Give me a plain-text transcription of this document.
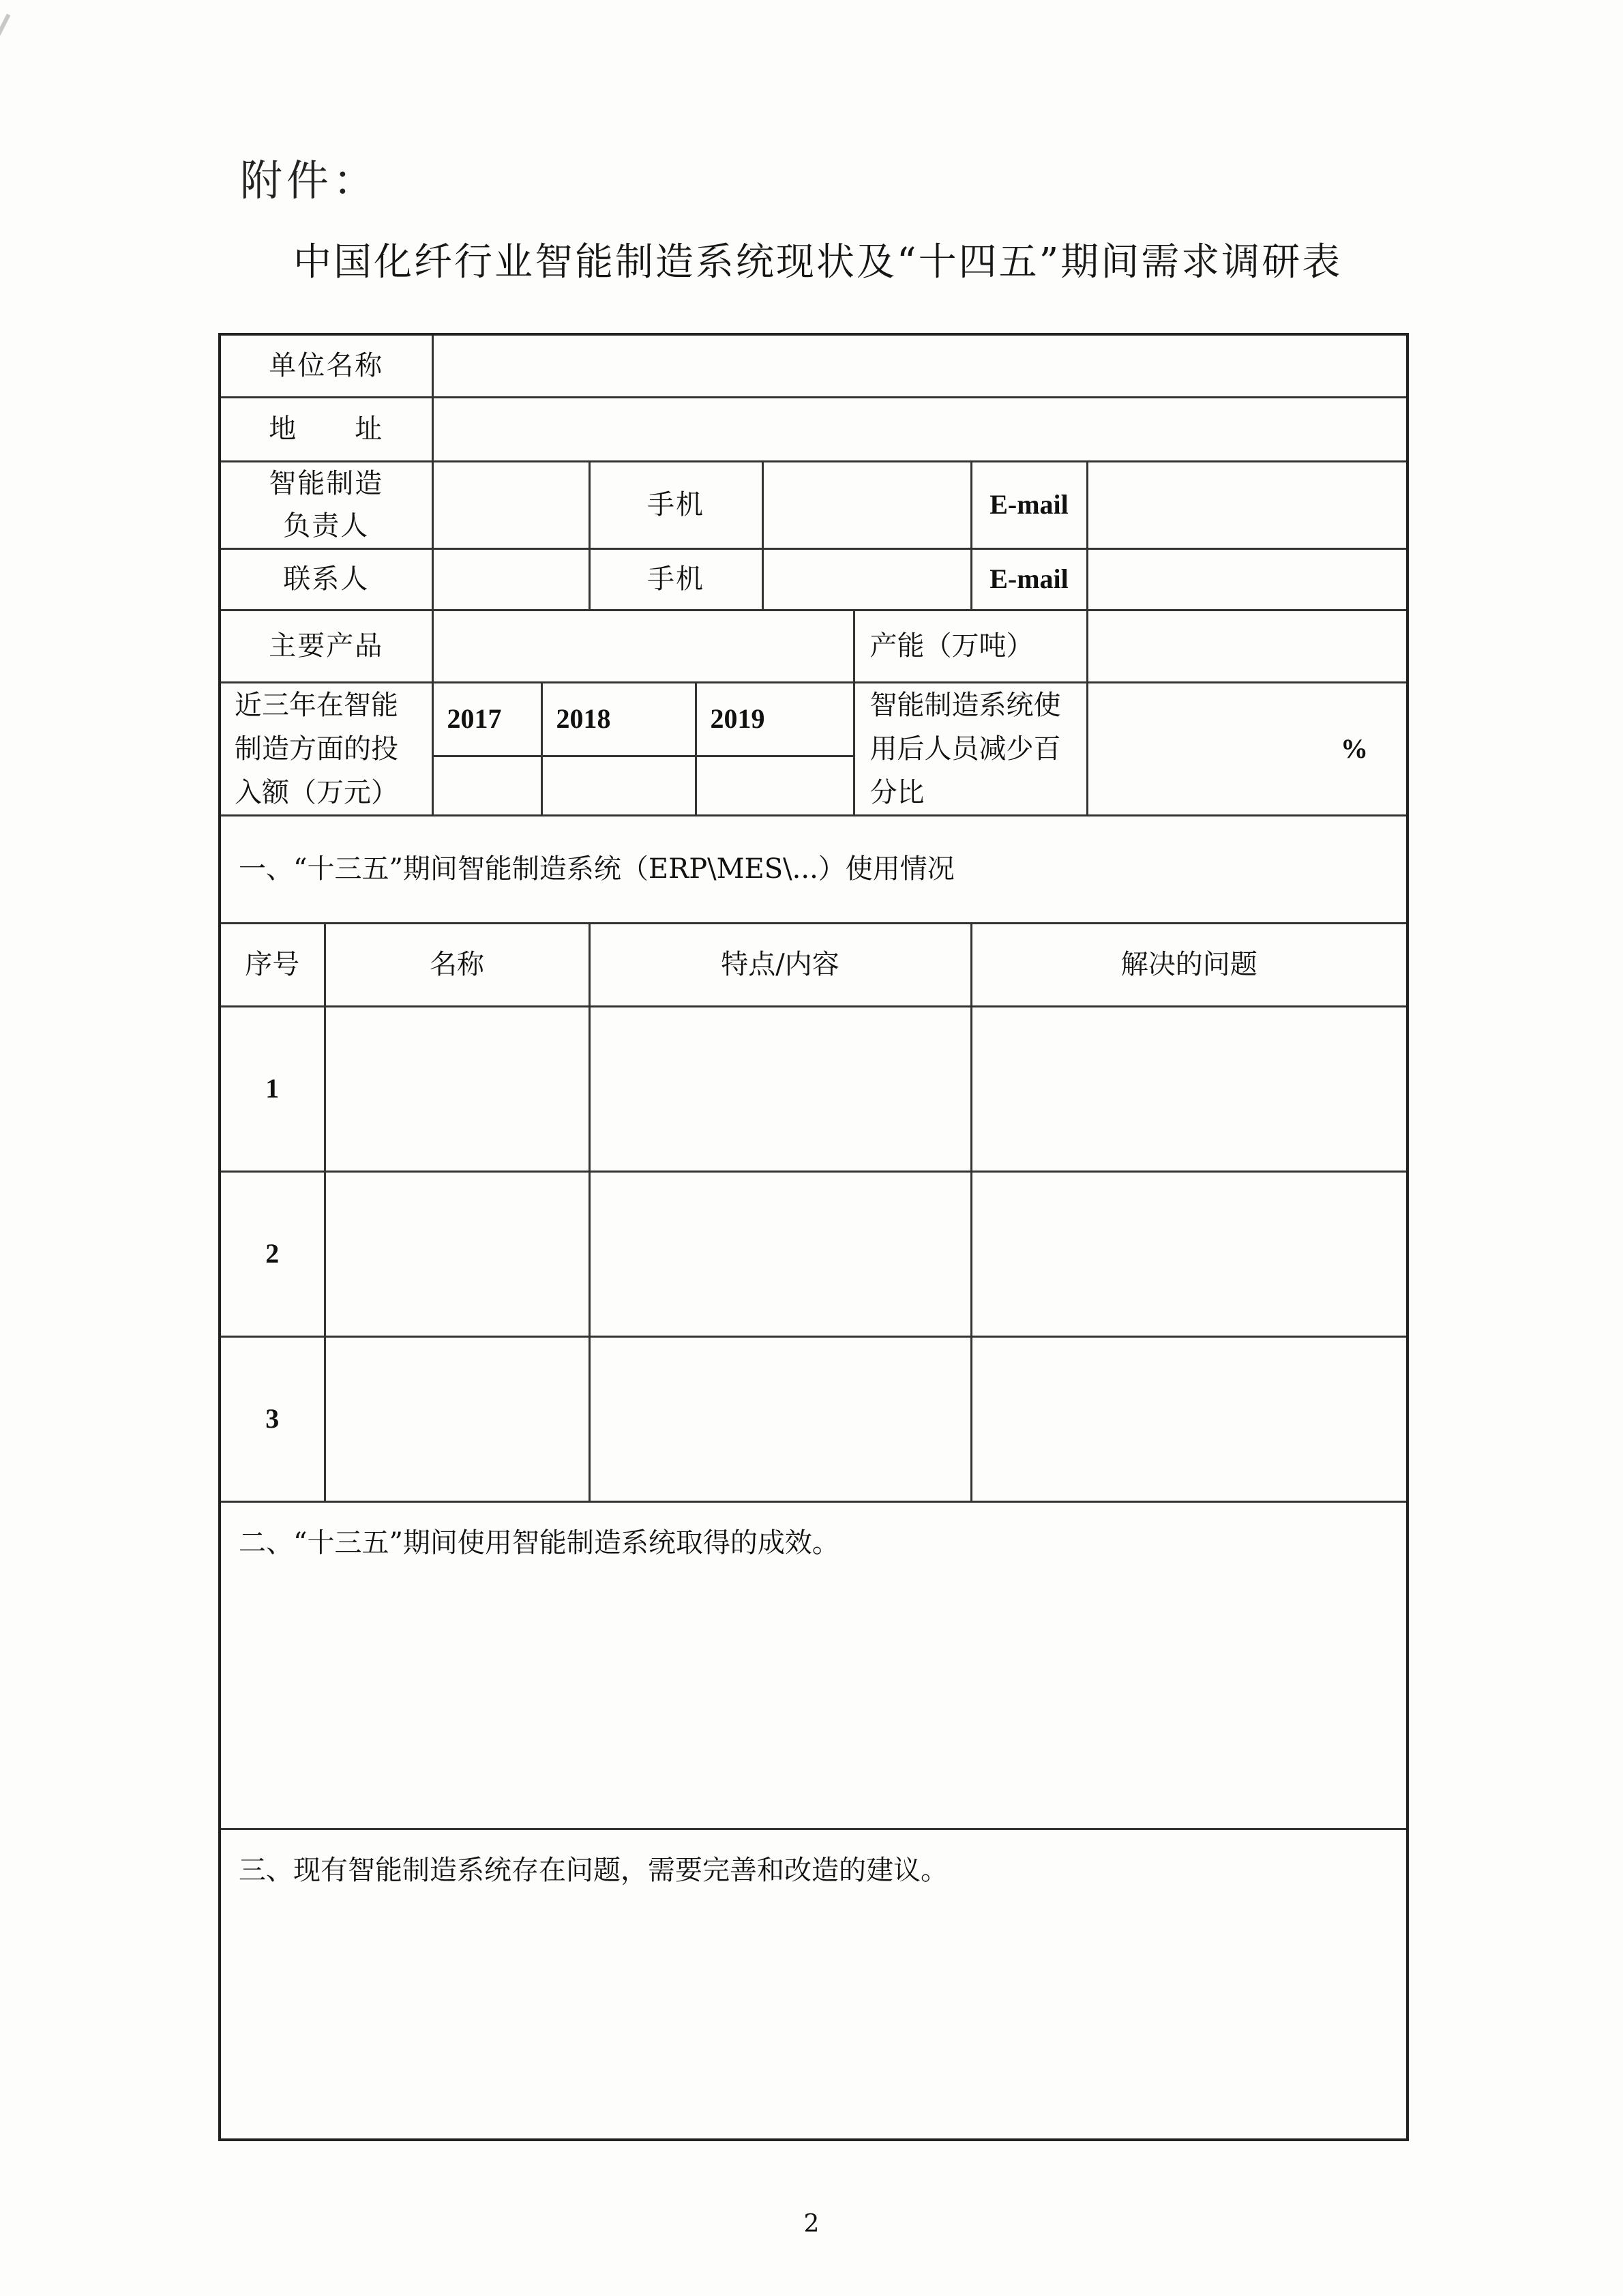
附件：
中国化纤行业智能制造系统现状及“十四五”期间需求调研表
单位名称									
地　　址									
智能制造负责人				手机				E-mail	
联系人				手机				E-mail	
主要产品							产能（万吨）		
近三年在智能制造方面的投入额（万元）		2017	2018		2019		智能制造系统使用后人员减少百分比		%

一、“十三五”期间智能制造系统（ERP\MES\...）使用情况									
序号	名称			特点/内容				解决的问题	
1									
2									
3									
二、“十三五”期间使用智能制造系统取得的成效。									
三、现有智能制造系统存在问题，需要完善和改造的建议。									
2
